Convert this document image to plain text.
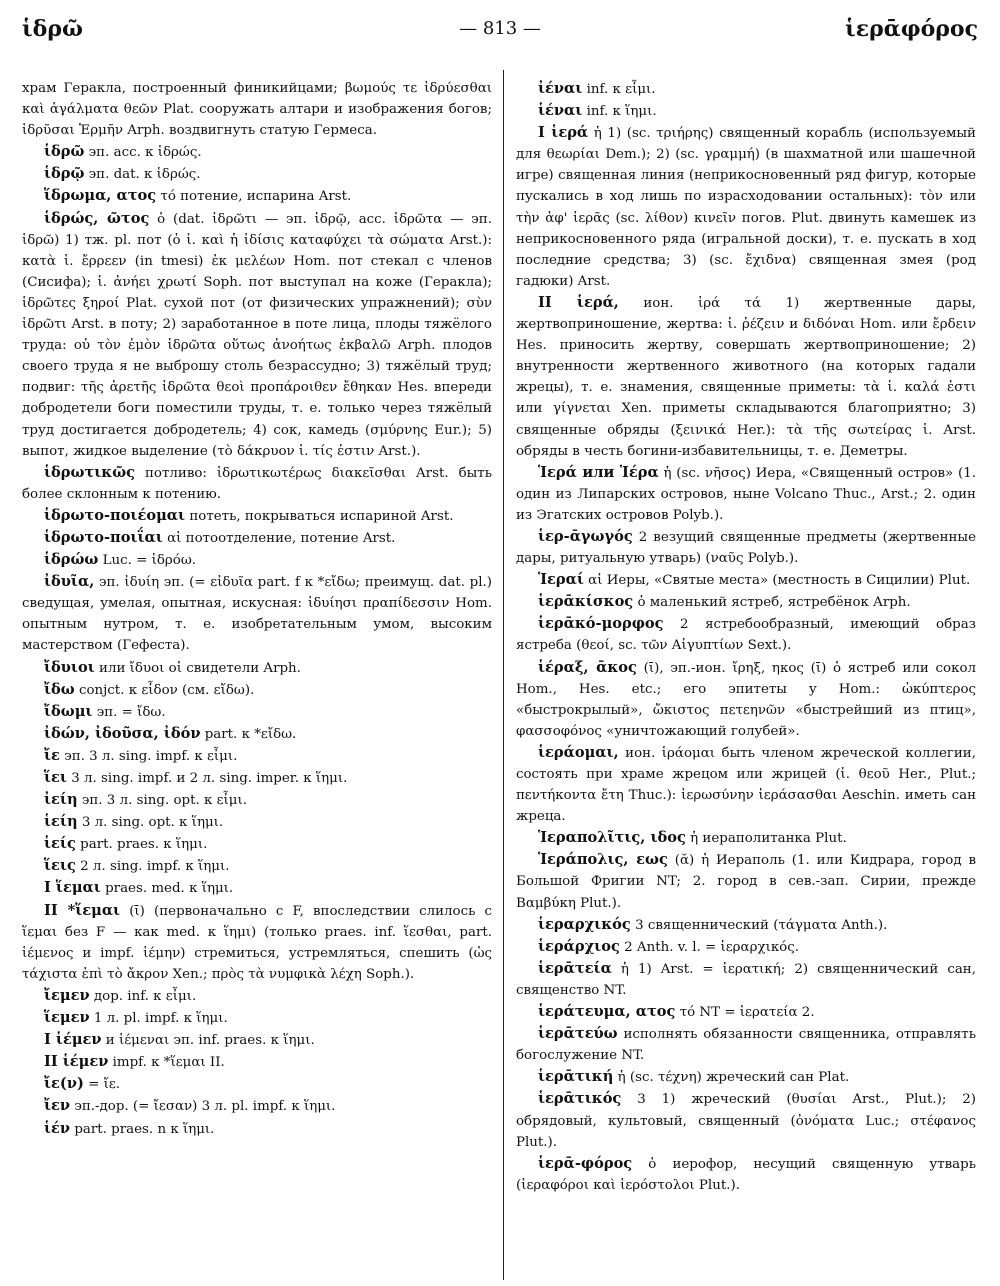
ἱδρῶ	— 813 —	ἱερᾱφόρος

храм Геракла, построенный финикийцами; βωμούς τε ἱδρύεσθαι καὶ ἀγάλματα θεῶν Plat. сооружать алтари и изображения богов; ἱδρῦσαι Ἑρμῆν Arph. воздвигнуть статую Гермеса.

ἱδρῶ эп. acc. к ἱδρώς.

ἱδρῷ эп. dat. к ἱδρώς.

ἵδρωμα, ατος τό потение, испарина Arst.

ἱδρώς, ῶτος ὁ (dat. ἱδρῶτι — эп. ἱδρῷ, acc. ἱδρῶτα — эп. ἱδρῶ) 1) тж. pl. пот (ὁ ἱ. καὶ ἡ ἰδίσις καταφύχει τὰ σώματα Arst.): κατὰ ἱ. ἔρρεεν (in tmesi) ἐκ μελέων Hom. пот стекал с членов (Сисифа); ἱ. ἀνήει χρωτί Soph. пот выступал на коже (Геракла); ἱδρῶτες ξηροί Plat. сухой пот (от физических упражнений); σὺν ἱδρῶτι Arst. в поту; 2) заработанное в поте лица, плоды тяжёлого труда: οὐ τὸν ἐμὸν ἱδρῶτα οὕτως ἀνοήτως ἐκβαλῶ Arph. плодов своего труда я не выброшу столь безрассудно; 3) тяжёлый труд; подвиг: τῆς ἀρετῆς ἱδρῶτα θεοὶ προπάροιθεν ἔθηκαν Hes. впереди добродетели боги поместили труды, т. е. только через тяжёлый труд достигается добродетель; 4) сок, камедь (σμύρνης Eur.); 5) выпот, жидкое выделение (τὸ δάκρυον ἱ. τίς ἐστιν Arst.).

ἱδρωτικῶς потливо: ἱδρωτικωτέρως διακεῖσθαι Arst. быть более склонным к потению.

ἱδρωτο-ποιέομαι потеть, покрываться испариной Arst.

ἱδρωτο-ποιΐαι αἱ потоотделение, потение Arst.

ἱδρώω Luc. = ἱδρόω.

ἰδυῖα, эп. ἰδυίη эп. (= εἰδυῖα part. f к *εἴδω; преимущ. dat. pl.) сведущая, умелая, опытная, искусная: ἰδυίησι πραπίδεσσιν Hom. опытным нутром, т. е. изобретательным умом, высоким мастерством (Гефеста).

ἴδυιοι или ἴδυοι οἱ свидетели Arph.

ἴδω conjct. к εἶδον (см. εἴδω).

ἴδωμι эп. = ἴδω.

ἰδών, ἰδοῦσα, ἰδόν part. к *εἴδω.

ἴε эп. 3 л. sing. impf. к εἶμι.

ἵει 3 л. sing. impf. и 2 л. sing. imper. к ἵημι.

ἰείη эп. 3 л. sing. opt. к εἶμι.

ἱείη 3 л. sing. opt. к ἵημι.

ἱείς part. praes. к ἵημι.

ἵεις 2 л. sing. impf. к ἵημι.

I ἵεμαι praes. med. к ἵημι.

II *ἵεμαι (ῑ) (первоначально с F, впоследствии слилось с ἵεμαι без F — как med. к ἵημι) (только praes. inf. ἵεσθαι, part. ἱέμενος и impf. ἱέμην) стремиться, устремляться, спешить (ὡς τάχιστα ἐπὶ τὸ ἄκρον Xen.; πρὸς τὰ νυμφικὰ λέχη Soph.).

ἴεμεν дор. inf. к εἶμι.

ἵεμεν 1 л. pl. impf. к ἵημι.

I ἱέμεν и ἱέμεναι эп. inf. praes. к ἵημι.

II ἱέμεν impf. к *ἵεμαι II.

ἴε(ν) = ἴε.

ἴεν эп.-дор. (= ἴεσαν) 3 л. pl. impf. к ἵημι.

ἱέν part. praes. n к ἵημι.

ἰέναι inf. к εἶμι.

ἱέναι inf. к ἵημι.

I ἱερά ἡ 1) (sc. τριήρης) священный корабль (используемый для θεωρίαι Dem.); 2) (sc. γραμμή) (в шахматной или шашечной игре) священная линия (неприкосновенный ряд фигур, которые пускались в ход лишь по израсходовании остальных): τὸν или τὴν ἀφ' ἱερᾶς (sc. λίθον) κινεῖν погов. Plut. двинуть камешек из неприкосновенного ряда (игральной доски), т. е. пускать в ход последние средства; 3) (sc. ἔχιδνα) священная змея (род гадюки) Arst.

II ἱερά, ион. ἱρά τά 1) жертвенные дары, жертвоприношение, жертва: ἱ. ῥέζειν и διδόναι Hom. или ἔρδειν Hes. приносить жертву, совершать жертвоприношение; 2) внутренности жертвенного животного (на которых гадали жрецы), т. е. знамения, священные приметы: τὰ ἱ. καλά ἐστι или γίγνεται Xen. приметы складываются благоприятно; 3) священные обряды (ξεινικά Her.): τὰ τῆς σωτείρας ἱ. Arst. обряды в честь богини-избавительницы, т. е. Деметры.

Ἱερά или Ἱέρα ἡ (sc. νῆσος) Иера, «Священный остров» (1. один из Липарских островов, ныне Volcano Thuc., Arst.; 2. один из Эгатских островов Polyb.).

ἱερ-ᾱγωγός 2 везущий священные предметы (жертвенные дары, ритуальную утварь) (ναῦς Polyb.).

Ἱεραί αἱ Иеры, «Святые места» (местность в Сицилии) Plut.

ἱερᾱκίσκος ὁ маленький ястреб, ястребёнок Arph.

ἱερᾱκό-μορφος 2 ястребообразный, имеющий образ ястреба (θεοί, sc. τῶν Αἰγυπτίων Sext.).

ἱέραξ, ᾱκος (ῑ), эп.-ион. ἴρηξ, ηκος (ῑ) ὁ ястреб или сокол Hom., Hes. etc.; его эпитеты у Hom.: ὠκύπτερος «быстрокрылый», ὤκιστος πετεηνῶν «быстрейший из птиц», φασσοφόνος «уничтожающий голубей».

ἱεράομαι, ион. ἱράομαι быть членом жреческой коллегии, состоять при храме жрецом или жрицей (ἱ. θεοῦ Her., Plut.; πεντήκοντα ἔτη Thuc.): ἱερωσύνην ἱεράσασθαι Aeschin. иметь сан жреца.

Ἱεραπολῖτις, ιδος ἡ иераполитанка Plut.

Ἱεράπολις, εως (ᾰ) ἡ Иераполь (1. или Кидрара, город в Большой Фригии NT; 2. город в сев.-зап. Сирии, прежде Βαμβύκη Plut.).

ἱεραρχικός 3 священнический (τάγματα Anth.).

ἱεράρχιος 2 Anth. v. l. = ἱεραρχικός.

ἱερᾱτεία ἡ 1) Arst. = ἱερατική; 2) священнический сан, священство NT.

ἱεράτευμα, ατος τό NT = ἱερατεία 2.

ἱερᾱτεύω исполнять обязанности священника, отправлять богослужение NT.

ἱερᾱτική ἡ (sc. τέχνη) жреческий сан Plat.

ἱερᾱτικός 3 1) жреческий (θυσίαι Arst., Plut.); 2) обрядовый, культовый, священный (ὀνόματα Luc.; στέφανος Plut.).

ἱερᾱ-φόρος ὁ иерофор, несущий священную утварь (ἱεραφόροι καὶ ἱερόστολοι Plut.).
